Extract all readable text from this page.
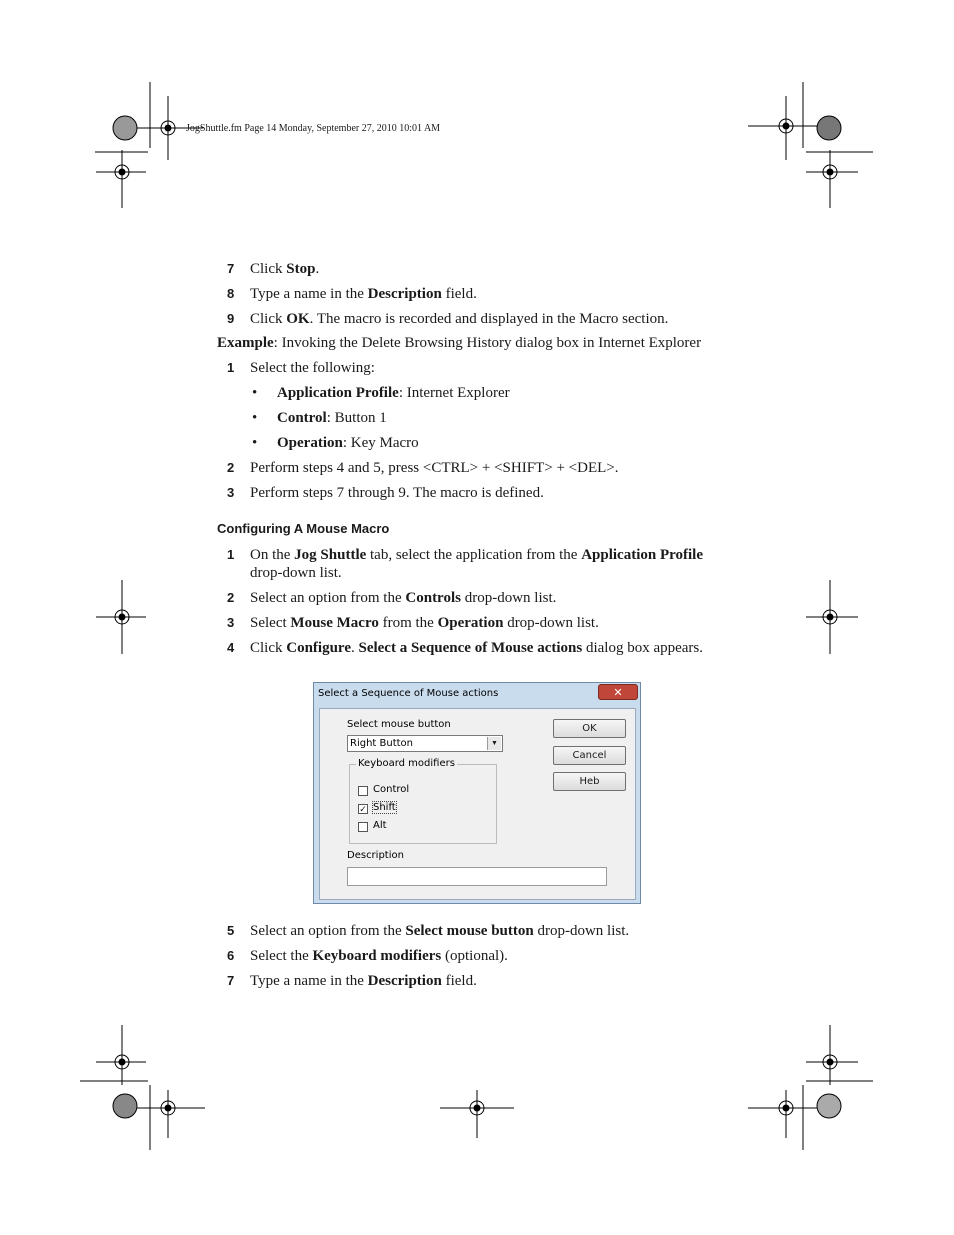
JogShuttle.fm Page 14 Monday, September 27, 2010 10:01 AM
7 Click Stop.
8 Type a name in the Description field.
9 Click OK. The macro is recorded and displayed in the Macro section.
Example: Invoking the Delete Browsing History dialog box in Internet Explorer
1 Select the following:
• Application Profile: Internet Explorer
• Control: Button 1
• Operation: Key Macro
2 Perform steps 4 and 5, press <CTRL> + <SHIFT> + <DEL>.
3 Perform steps 7 through 9. The macro is defined.
Configuring A Mouse Macro
1 On the Jog Shuttle tab, select the application from the Application Profile
drop-down list.
2 Select an option from the Controls drop-down list.
3 Select Mouse Macro from the Operation drop-down list.
4 Click Configure. Select a Sequence of Mouse actions dialog box appears.
Select a Sequence of Mouse actions	✕
Select mouse button
Right Button	▼
Keyboard modifiers
Control
✓ Shift
Alt
Description
OK
Cancel
Heb
5 Select an option from the Select mouse button drop-down list.
6 Select the Keyboard modifiers (optional).
7 Type a name in the Description field.
